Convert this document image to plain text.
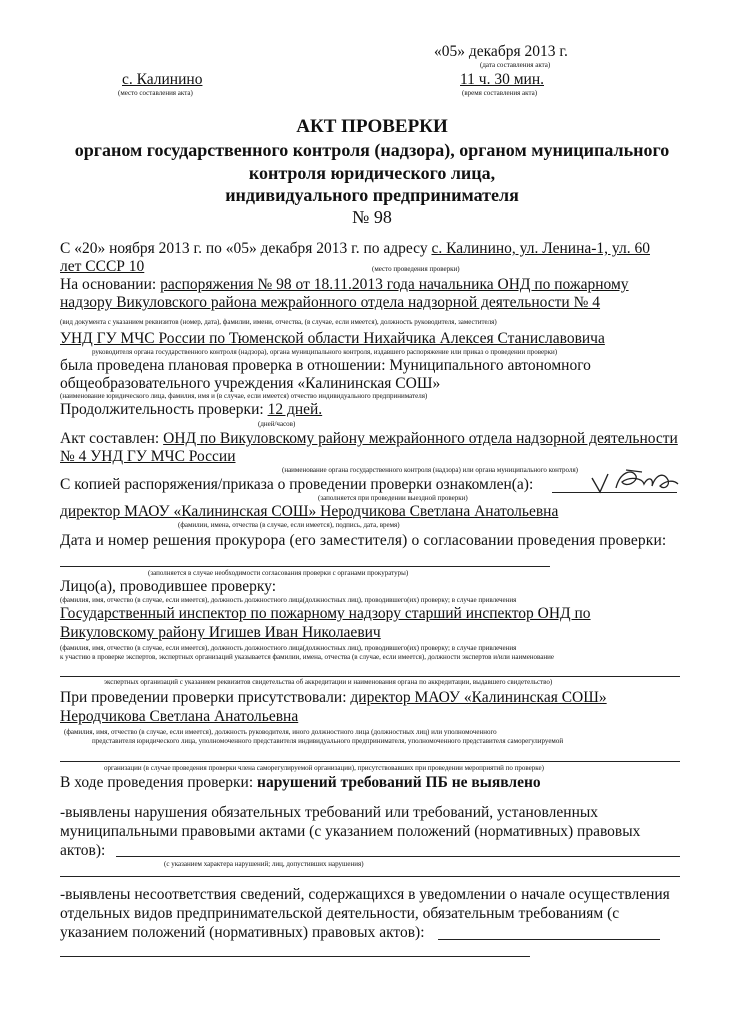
«05» декабря 2013 г.
(дата составления акта)
с. Калинино
(место составления акта)
11 ч. 30 мин.
(время составления акта)
АКТ ПРОВЕРКИ
органом государственного контроля (надзора), органом муниципального
контроля юридического лица,
индивидуального предпринимателя
№ 98
С «20» ноября 2013 г. по «05» декабря 2013 г. по адресу с. Калинино, ул. Ленина-1, ул. 60
лет СССР 10	(место проведения проверки)
На основании: распоряжения № 98 от 18.11.2013 года начальника ОНД по пожарному
надзору Викуловского района межрайонного отдела надзорной деятельности № 4
(вид документа с указанием реквизитов (номер, дата), фамилии, имени, отчества, (в случае, если имеется), должность руководителя, заместителя)
УНД ГУ МЧС России по Тюменской области Нихайчика Алексея Станиславовича
руководителя органа государственного контроля (надзора), органа муниципального контроля, издавшего распоряжение или приказ о проведении проверки)
была проведена плановая проверка в отношении: Муниципального автономного
общеобразовательного учреждения «Калининская СОШ»
(наименование юридического лица, фамилия, имя и (в случае, если имеется) отчество индивидуального предпринимателя)
Продолжительность проверки: 12 дней.
(дней/часов)
Акт составлен: ОНД по Викуловскому району межрайонного отдела надзорной деятельности
№ 4 УНД ГУ МЧС России
(наименование органа государственного контроля (надзора) или органа муниципального контроля)
С копией распоряжения/приказа о проведении проверки ознакомлен(а):
(заполняется при проведении выездной проверки)
директор МАОУ «Калининская СОШ» Неродчикова Светлана Анатольевна
(фамилии, имена, отчества (в случае, если имеется), подпись, дата, время)
Дата и номер решения прокурора (его заместителя) о согласовании проведения проверки:
(заполняется в случае необходимости согласования проверки с органами прокуратуры)
Лицо(а), проводившее проверку:
(фамилия, имя, отчество (в случае, если имеется), должность должностного лица(должностных лиц), проводившего(их) проверку; в случае привлечения
Государственный инспектор по пожарному надзору старший инспектор ОНД по
Викуловскому району Игишев Иван Николаевич
(фамилия, имя, отчество (в случае, если имеется), должность должностного лица(должностных лиц), проводившего(их) проверку; в случае привлечения
к участию в проверке экспертов, экспертных организаций указывается фамилии, имена, отчества (в случае, если имеется), должности экспертов и/или наименование
экспертных организаций с указанием реквизитов свидетельства об аккредитации и наименования органа по аккредитации, выдавшего свидетельство)
При проведении проверки присутствовали: директор МАОУ «Калининская СОШ»
Неродчикова Светлана Анатольевна
(фамилия, имя, отчество (в случае, если имеется), должность руководителя, иного должностного лица (должностных лиц) или уполномоченного
представителя юридического лица, уполномоченного представителя индивидуального предпринимателя, уполномоченного представителя саморегулируемой
организации (в случае проведения проверки члена саморегулируемой организации), присутствовавших при проведении мероприятий по проверке)
В ходе проведения проверки: нарушений требований ПБ не выявлено
-выявлены нарушения обязательных требований или требований, установленных
муниципальными правовыми актами (с указанием положений (нормативных) правовых
актов):
(с указанием характера нарушений; лиц, допустивших нарушения)
-выявлены несоответствия сведений, содержащихся в уведомлении о начале осуществления
отдельных видов предпринимательской деятельности, обязательным требованиям (с
указанием положений (нормативных) правовых актов):
